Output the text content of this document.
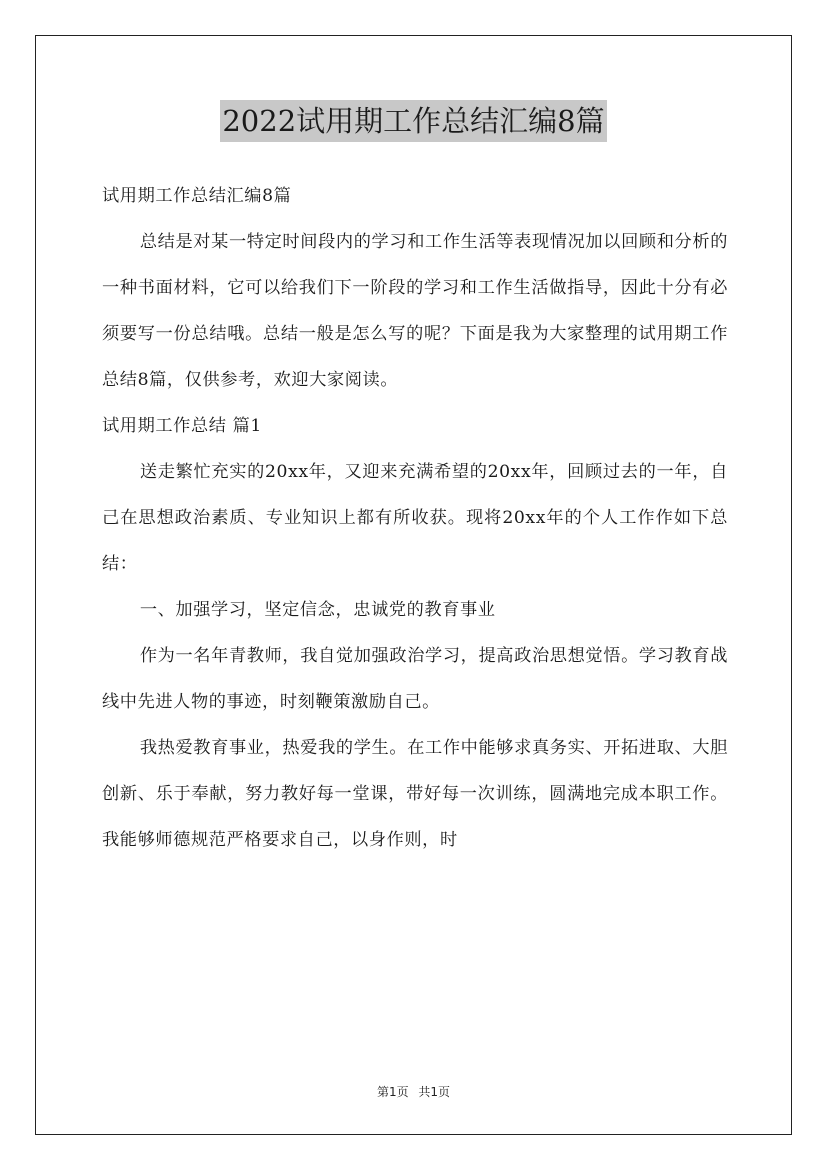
2022试用期工作总结汇编8篇

试用期工作总结汇编8篇

总结是对某一特定时间段内的学习和工作生活等表现情况加以回顾和分析的一种书面材料，它可以给我们下一阶段的学习和工作生活做指导，因此十分有必须要写一份总结哦。总结一般是怎么写的呢？下面是我为大家整理的试用期工作总结8篇，仅供参考，欢迎大家阅读。

试用期工作总结 篇1

送走繁忙充实的20xx年，又迎来充满希望的20xx年，回顾过去的一年，自己在思想政治素质、专业知识上都有所收获。现将20xx年的个人工作作如下总结：

一、加强学习，坚定信念，忠诚党的教育事业

作为一名年青教师，我自觉加强政治学习，提高政治思想觉悟。学习教育战线中先进人物的事迹，时刻鞭策激励自己。

我热爱教育事业，热爱我的学生。在工作中能够求真务实、开拓进取、大胆创新、乐于奉献，努力教好每一堂课，带好每一次训练，圆满地完成本职工作。我能够师德规范严格要求自己，以身作则，时

第1页 共1页
